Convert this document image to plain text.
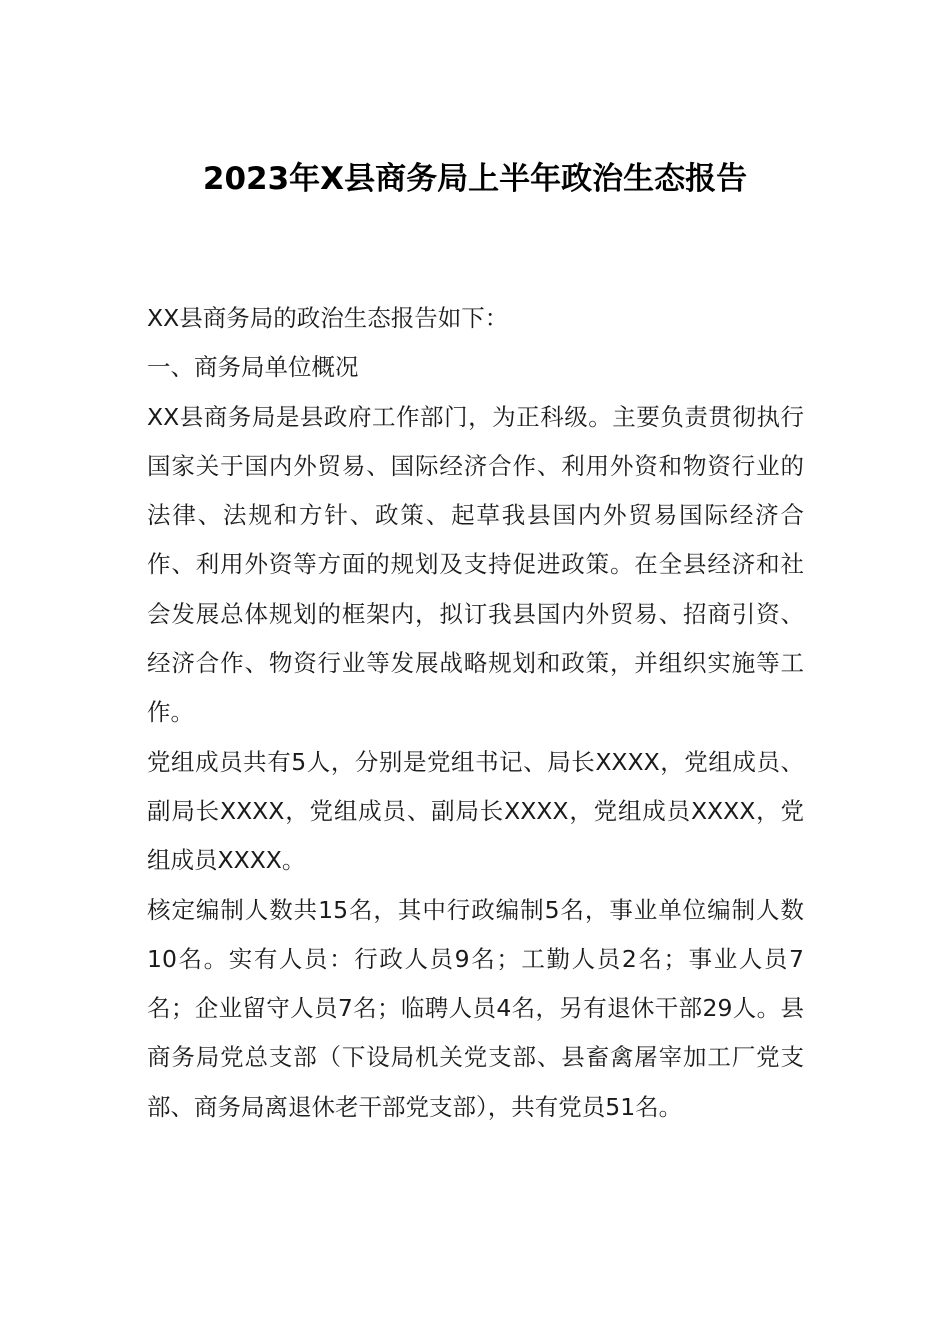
2023年X县商务局上半年政治生态报告

XX县商务局的政治生态报告如下：

一、商务局单位概况

XX县商务局是县政府工作部门，为正科级。主要负责贯彻执行国家关于国内外贸易、国际经济合作、利用外资和物资行业的法律、法规和方针、政策、起草我县国内外贸易国际经济合作、利用外资等方面的规划及支持促进政策。在全县经济和社会发展总体规划的框架内，拟订我县国内外贸易、招商引资、经济合作、物资行业等发展战略规划和政策，并组织实施等工作。

党组成员共有5人，分别是党组书记、局长XXXX，党组成员、副局长XXXX，党组成员、副局长XXXX，党组成员XXXX，党组成员XXXX。

核定编制人数共15名，其中行政编制5名，事业单位编制人数10名。实有人员：行政人员9名；工勤人员2名；事业人员7名；企业留守人员7名；临聘人员4名，另有退休干部29人。县商务局党总支部（下设局机关党支部、县畜禽屠宰加工厂党支部、商务局离退休老干部党支部），共有党员51名。
